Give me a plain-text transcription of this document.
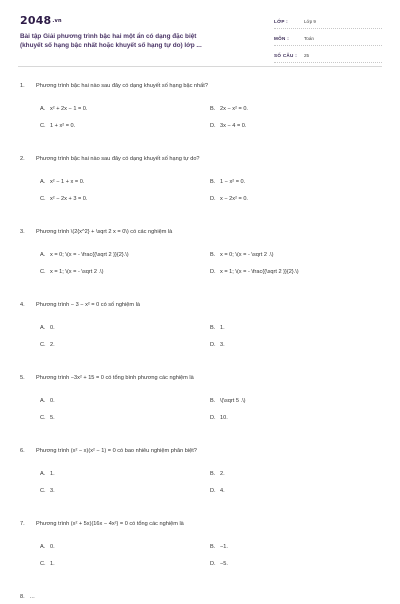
2048.vn
Bài tập Giải phương trình bậc hai một ẩn có dạng đặc biệt
(khuyết số hạng bậc nhất hoặc khuyết số hạng tự do) lớp ...
LỚP :	Lớp 9
MÔN :	Toán
SỐ CÂU : 25
1. Phương trình bậc hai nào sau đây có dạng khuyết số hạng bậc nhất?
A. x² + 2x − 1 = 0.	B. 2x − x² = 0.
C. 1 + x² = 0.	D. 3x − 4 = 0.
2. Phương trình bậc hai nào sau đây có dạng khuyết số hạng tự do?
A. x² − 1 + x = 0.	B. 1 − x² = 0.
C. x² − 2x + 3 = 0.	D. x − 2x² = 0.
3. Phương trình \(2{x^2} + \sqrt 2 x = 0\) có các nghiệm là
A. x = 0; \(x = - \frac{{\sqrt 2 }}{2}.\)	B. x = 0; \(x = - \sqrt 2 .\)
C. x = 1; \(x = - \sqrt 2 .\)	D. x = 1; \(x = - \frac{{\sqrt 2 }}{2}.\)
4. Phương trình − 3 − x² = 0 có số nghiệm là
A. 0.	B. 1.
C. 2.	D. 3.
5. Phương trình −3x² + 15 = 0 có tổng bình phương các nghiệm là
A. 0.	B. \(\sqrt 5 .\)
C. 5.	D. 10.
6. Phương trình (x² − x)(x² − 1) = 0 có bao nhiêu nghiệm phân biệt?
A. 1.	B. 2.
C. 3.	D. 4.
7. Phương trình (x² + 5x)(16x − 4x²) = 0 có tổng các nghiệm là
A. 0.	B. −1.
C. 1.	D. −5.
8.   …
